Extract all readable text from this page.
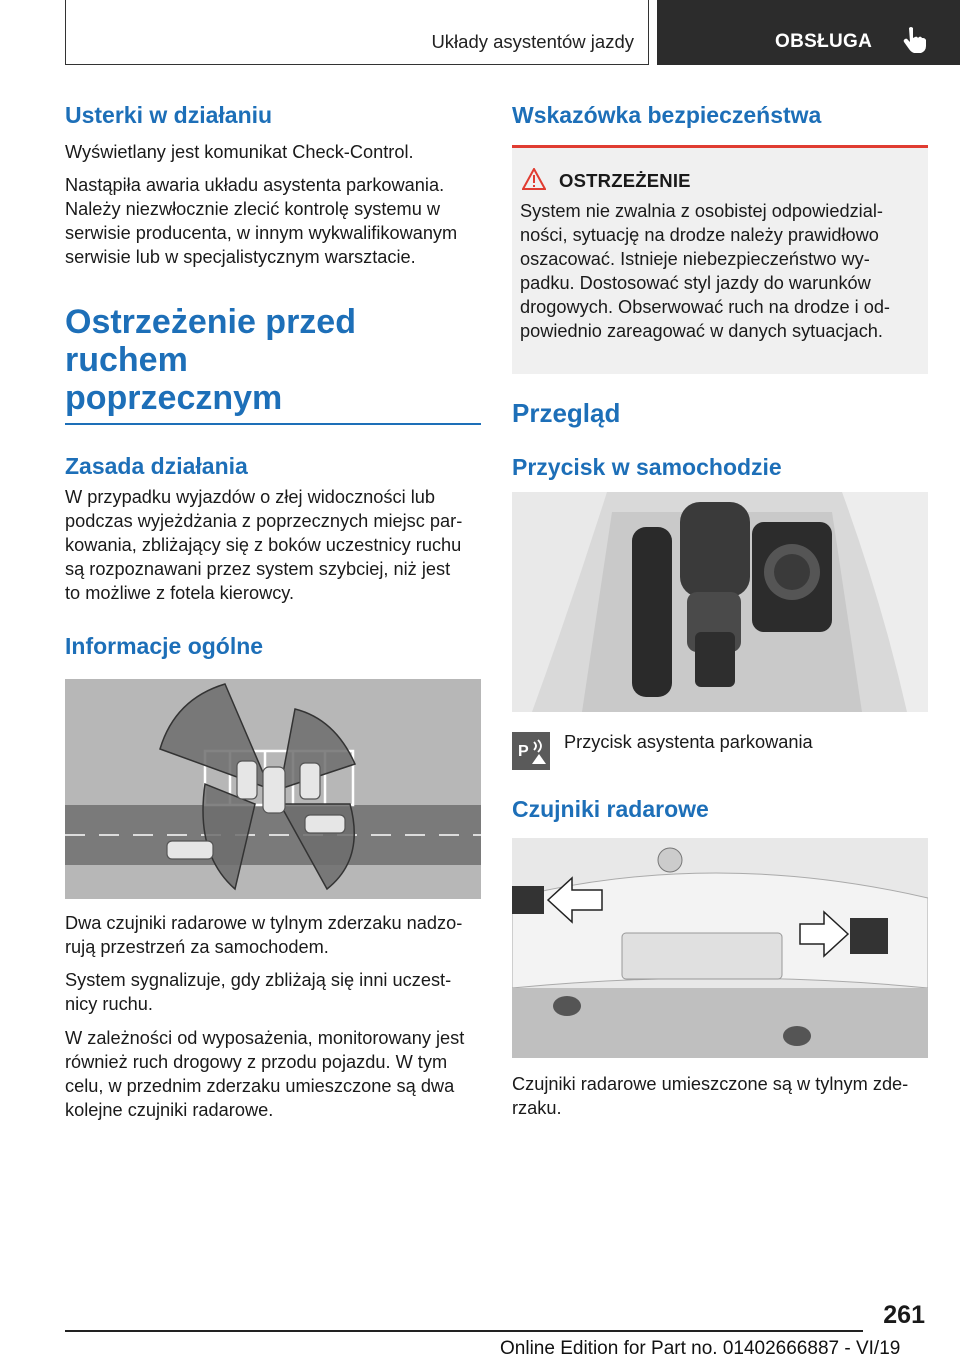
Układy asystentów jazdy	OBSŁUGA
Usterki w działaniu
Wyświetlany jest komunikat Check-Control.
Nastąpiła awaria układu asystenta parkowania.
Należy niezwłocznie zlecić kontrolę systemu w
serwisie producenta, w innym wykwalifikowanym
serwisie lub w specjalistycznym warsztacie.
Ostrzeżenie przed ruchem
poprzecznym
Zasada działania
W przypadku wyjazdów o złej widoczności lub
podczas wyjeżdżania z poprzecznych miejsc par-
kowania, zbliżający się z boków uczestnicy ruchu
są rozpoznawani przez system szybciej, niż jest
to możliwe z fotela kierowcy.
Informacje ogólne
Dwa czujniki radarowe w tylnym zderzaku nadzo-
rują przestrzeń za samochodem.
System sygnalizuje, gdy zbliżają się inni uczest-
nicy ruchu.
W zależności od wyposażenia, monitorowany jest
również ruch drogowy z przodu pojazdu. W tym
celu, w przednim zderzaku umieszczone są dwa
kolejne czujniki radarowe.
Wskazówka bezpieczeństwa
OSTRZEŻENIE
System nie zwalnia z osobistej odpowiedzial-
ności, sytuację na drodze należy prawidłowo
oszacować. Istnieje niebezpieczeństwo wy-
padku. Dostosować styl jazdy do warunków
drogowych. Obserwować ruch na drodze i od-
powiednio zareagować w danych sytuacjach.
Przegląd
Przycisk w samochodzie
P Przycisk asystenta parkowania
Czujniki radarowe
Czujniki radarowe umieszczone są w tylnym zde-
rzaku.
261
Online Edition for Part no. 01402666887 - VI/19
